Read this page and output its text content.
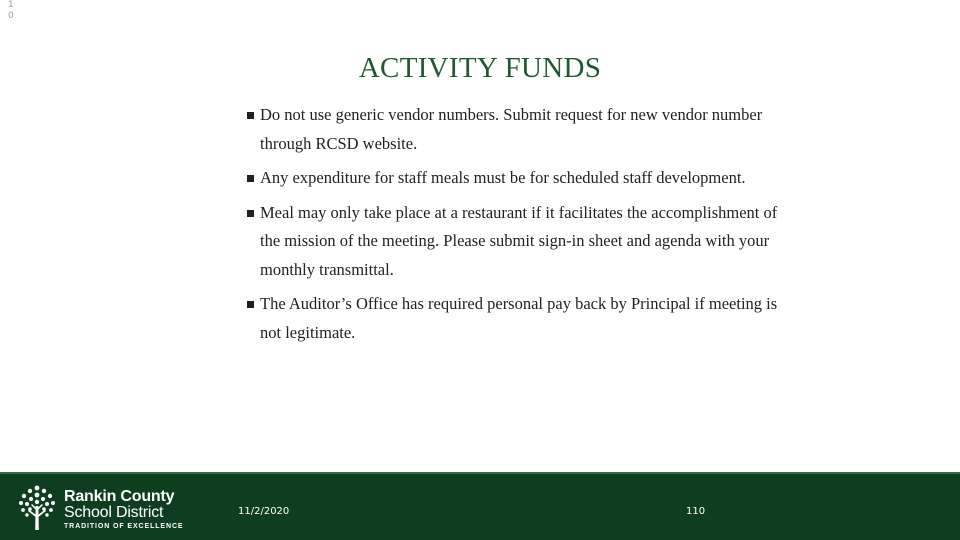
1
0
ACTIVITY FUNDS
Do not use generic vendor numbers. Submit request for new vendor number through RCSD website.
Any expenditure for staff meals must be for scheduled staff development.
Meal may only take place at a restaurant if it facilitates the accomplishment of the mission of the meeting. Please submit sign-in sheet and agenda with your monthly transmittal.
The Auditor’s Office has required personal pay back by Principal if meeting is not legitimate.
Rankin County
School District
TRADITION OF EXCELLENCE
11/2/2020	110
